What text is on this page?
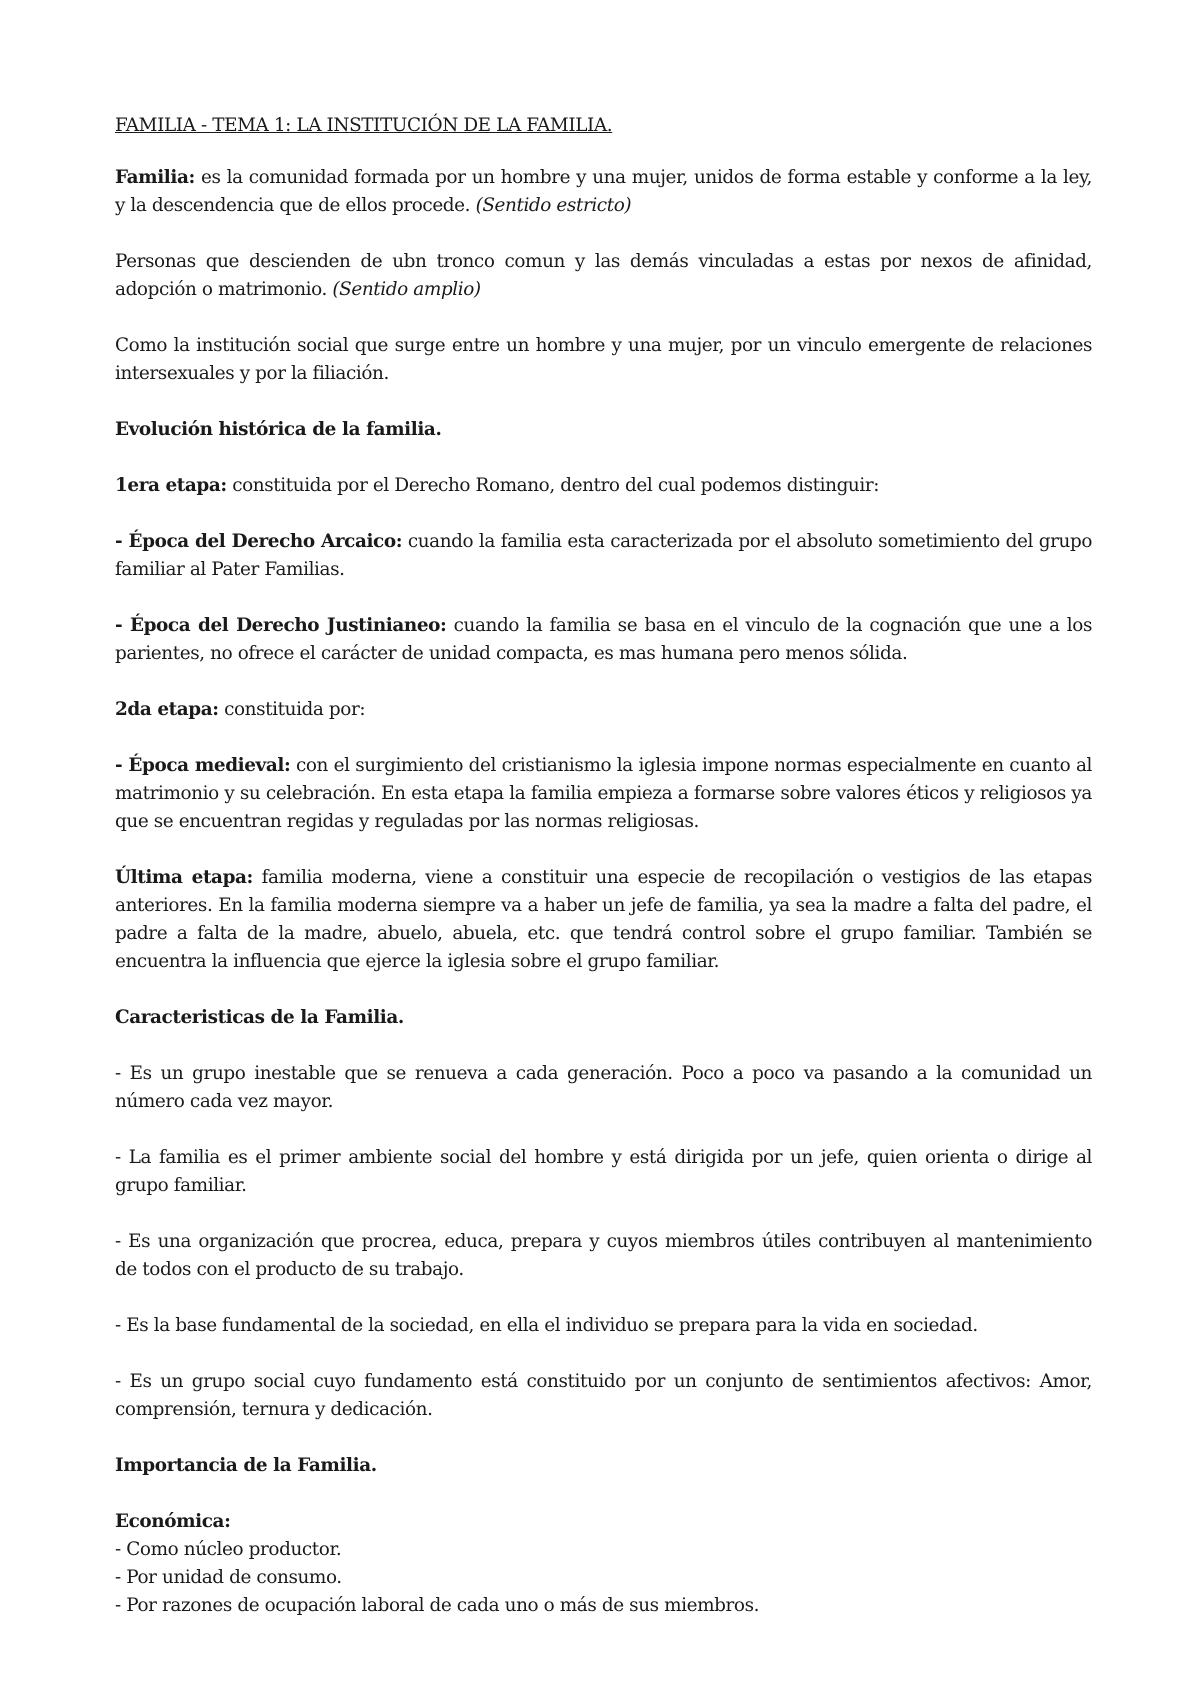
FAMILIA - TEMA 1: LA INSTITUCIÓN DE LA FAMILIA.

Familia: es la comunidad formada por un hombre y una mujer, unidos de forma estable y conforme a la ley, y la descendencia que de ellos procede. (Sentido estricto)

Personas que descienden de ubn tronco comun y las demás vinculadas a estas por nexos de afinidad, adopción o matrimonio. (Sentido amplio)

Como la institución social que surge entre un hombre y una mujer, por un vinculo emergente de relaciones intersexuales y por la filiación.

Evolución histórica de la familia.

1era etapa: constituida por el Derecho Romano, dentro del cual podemos distinguir:

- Época del Derecho Arcaico: cuando la familia esta caracterizada por el absoluto sometimiento del grupo familiar al Pater Familias.

- Época del Derecho Justinianeo: cuando la familia se basa en el vinculo de la cognación que une a los parientes, no ofrece el carácter de unidad compacta, es mas humana pero menos sólida.

2da etapa: constituida por:

- Época medieval: con el surgimiento del cristianismo la iglesia impone normas especialmente en cuanto al matrimonio y su celebración. En esta etapa la familia empieza a formarse sobre valores éticos y religiosos ya que se encuentran regidas y reguladas por las normas religiosas.

Última etapa: familia moderna, viene a constituir una especie de recopilación o vestigios de las etapas anteriores. En la familia moderna siempre va a haber un jefe de familia, ya sea la madre a falta del padre, el padre a falta de la madre, abuelo, abuela, etc. que tendrá control sobre el grupo familiar. También se encuentra la influencia que ejerce la iglesia sobre el grupo familiar.

Caracteristicas de la Familia.

- Es un grupo inestable que se renueva a cada generación. Poco a poco va pasando a la comunidad un número cada vez mayor.

- La familia es el primer ambiente social del hombre y está dirigida por un jefe, quien orienta o dirige al grupo familiar.

- Es una organización que procrea, educa, prepara y cuyos miembros útiles contribuyen al mantenimiento de todos con el producto de su trabajo.

- Es la base fundamental de la sociedad, en ella el individuo se prepara para la vida en sociedad.

- Es un grupo social cuyo fundamento está constituido por un conjunto de sentimientos afectivos: Amor, comprensión, ternura y dedicación.

Importancia de la Familia.
Económica:
- Como núcleo productor.
- Por unidad de consumo.
- Por razones de ocupación laboral de cada uno o más de sus miembros.
